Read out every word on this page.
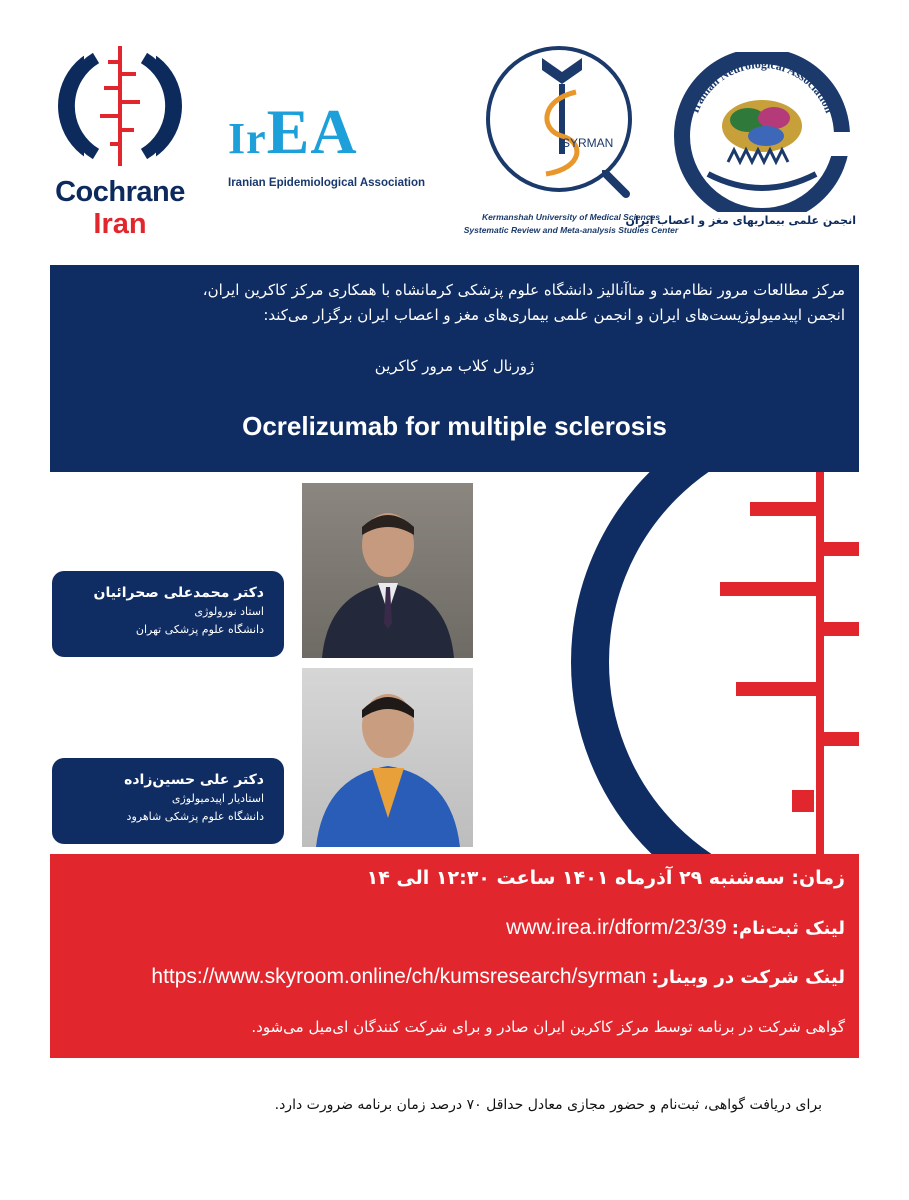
Cochrane
Iran
IrEA
Iranian Epidemiological Association
SYRMAN
Kermanshah University of Medical Sciences
Systematic Review and Meta-analysis Studies Center
Iranian Neurological Association
انجمن علمی بیماریهای مغز و اعصاب ایران
مرکز مطالعات مرور نظام‌مند و متاآنالیز دانشگاه علوم پزشکی کرمانشاه با همکاری مرکز کاکرین ایران،
انجمن اپیدمیولوژیست‌های ایران و انجمن علمی بیماری‌های مغز و اعصاب ایران برگزار می‌کند:
ژورنال کلاب مرور کاکرین
Ocrelizumab for multiple sclerosis
دکتر محمدعلی صحرائیان
استاد نورولوژی
دانشگاه علوم پزشکی تهران
دکتر علی حسین‌زاده
استادیار اپیدمیولوژی
دانشگاه علوم پزشکی شاهرود
زمان: سه‌شنبه ۲۹ آذرماه ۱۴۰۱ ساعت ۱۲:۳۰ الی ۱۴
لینک ثبت‌نام: www.irea.ir/dform/23/39
لینک شرکت در وبینار: https://www.skyroom.online/ch/kumsresearch/syrman
گواهی شرکت در برنامه توسط مرکز کاکرین ایران صادر و برای شرکت کنندگان ای‌میل می‌شود.
برای دریافت گواهی، ثبت‌نام و حضور مجازی معادل حداقل ۷۰ درصد زمان برنامه ضرورت دارد.
